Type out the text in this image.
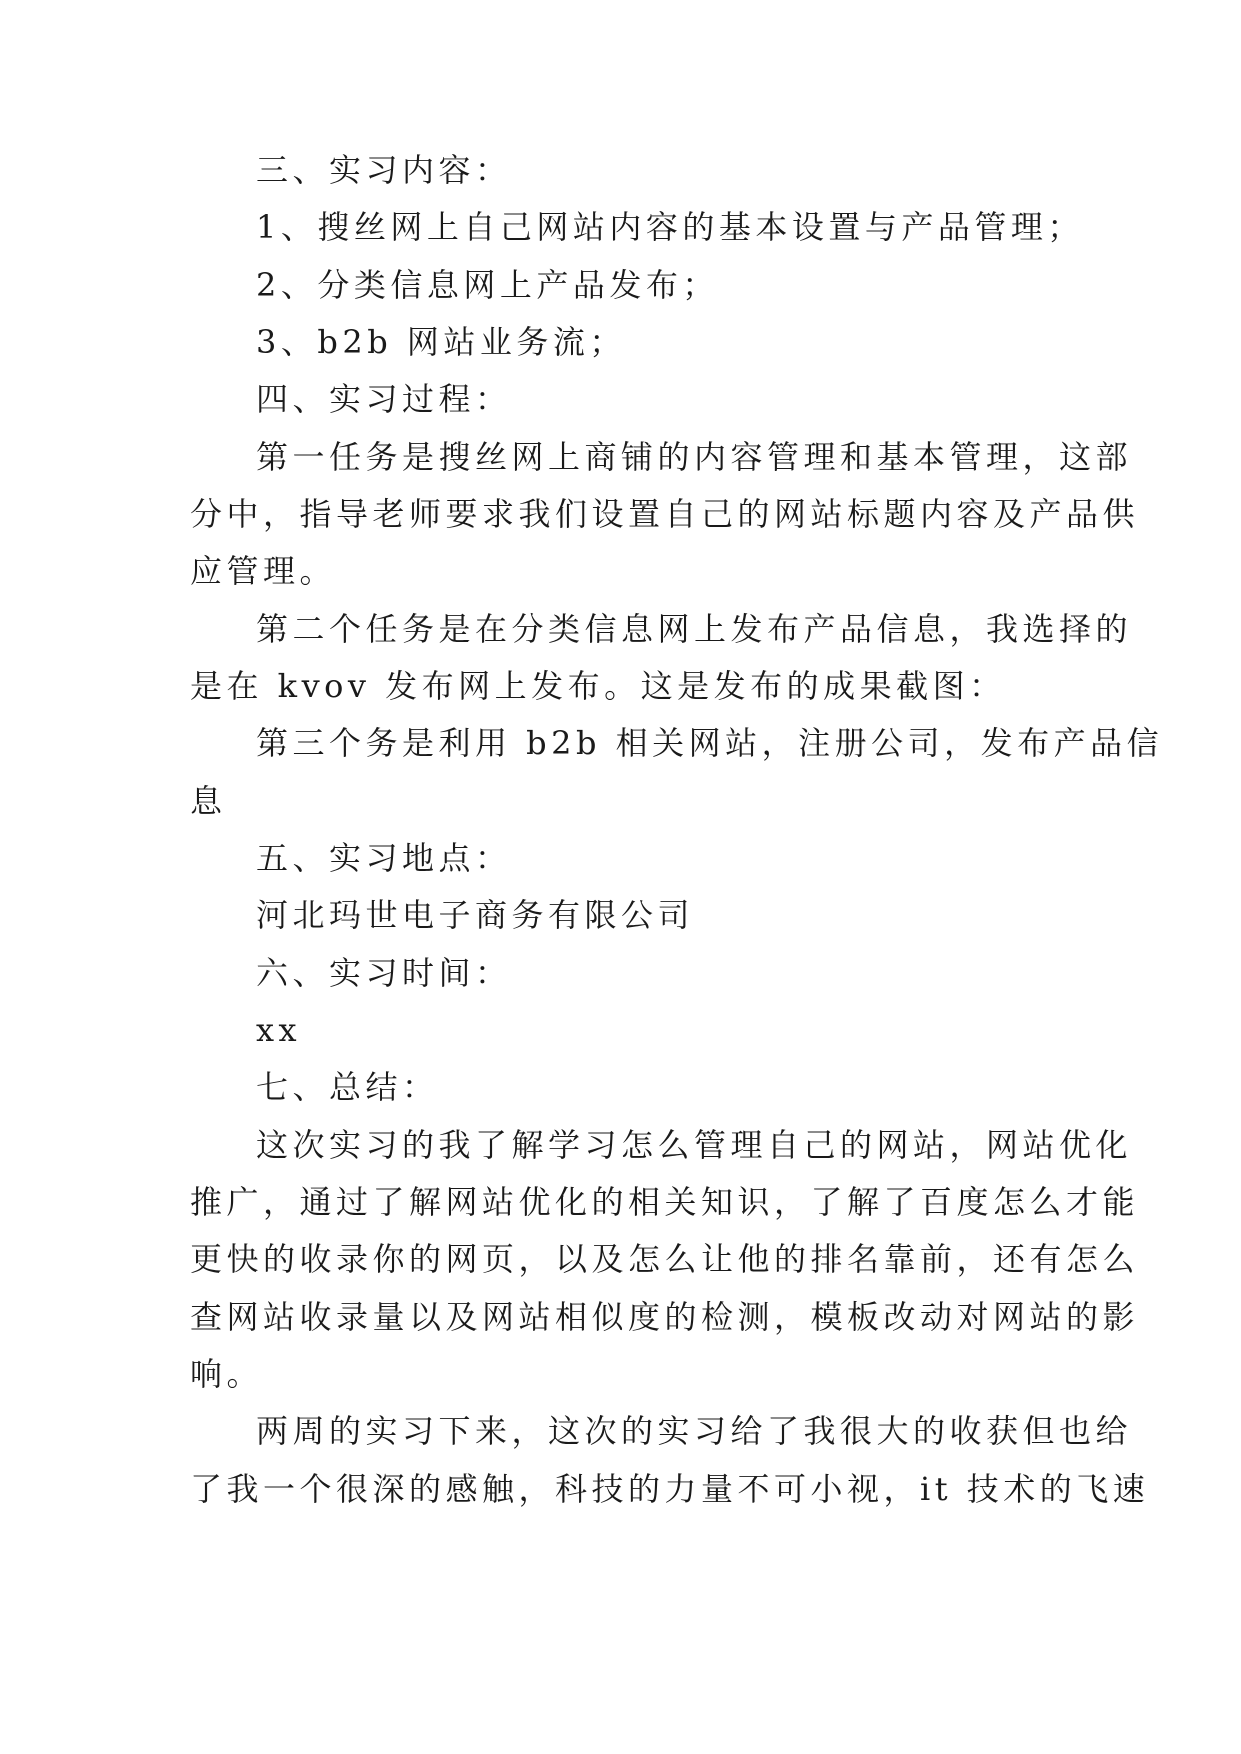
三、实习内容：
1、搜丝网上自己网站内容的基本设置与产品管理；
2、分类信息网上产品发布；
3、b2b 网站业务流；
四、实习过程：
第一任务是搜丝网上商铺的内容管理和基本管理，这部
分中，指导老师要求我们设置自己的网站标题内容及产品供
应管理。
第二个任务是在分类信息网上发布产品信息，我选择的
是在 kvov 发布网上发布。这是发布的成果截图：
第三个务是利用 b2b 相关网站，注册公司，发布产品信
息
五、实习地点：
河北玛世电子商务有限公司
六、实习时间：
xx
七、总结：
这次实习的我了解学习怎么管理自己的网站，网站优化
推广，通过了解网站优化的相关知识，了解了百度怎么才能
更快的收录你的网页，以及怎么让他的排名靠前，还有怎么
查网站收录量以及网站相似度的检测，模板改动对网站的影
响。
两周的实习下来，这次的实习给了我很大的收获但也给
了我一个很深的感触，科技的力量不可小视，it 技术的飞速
